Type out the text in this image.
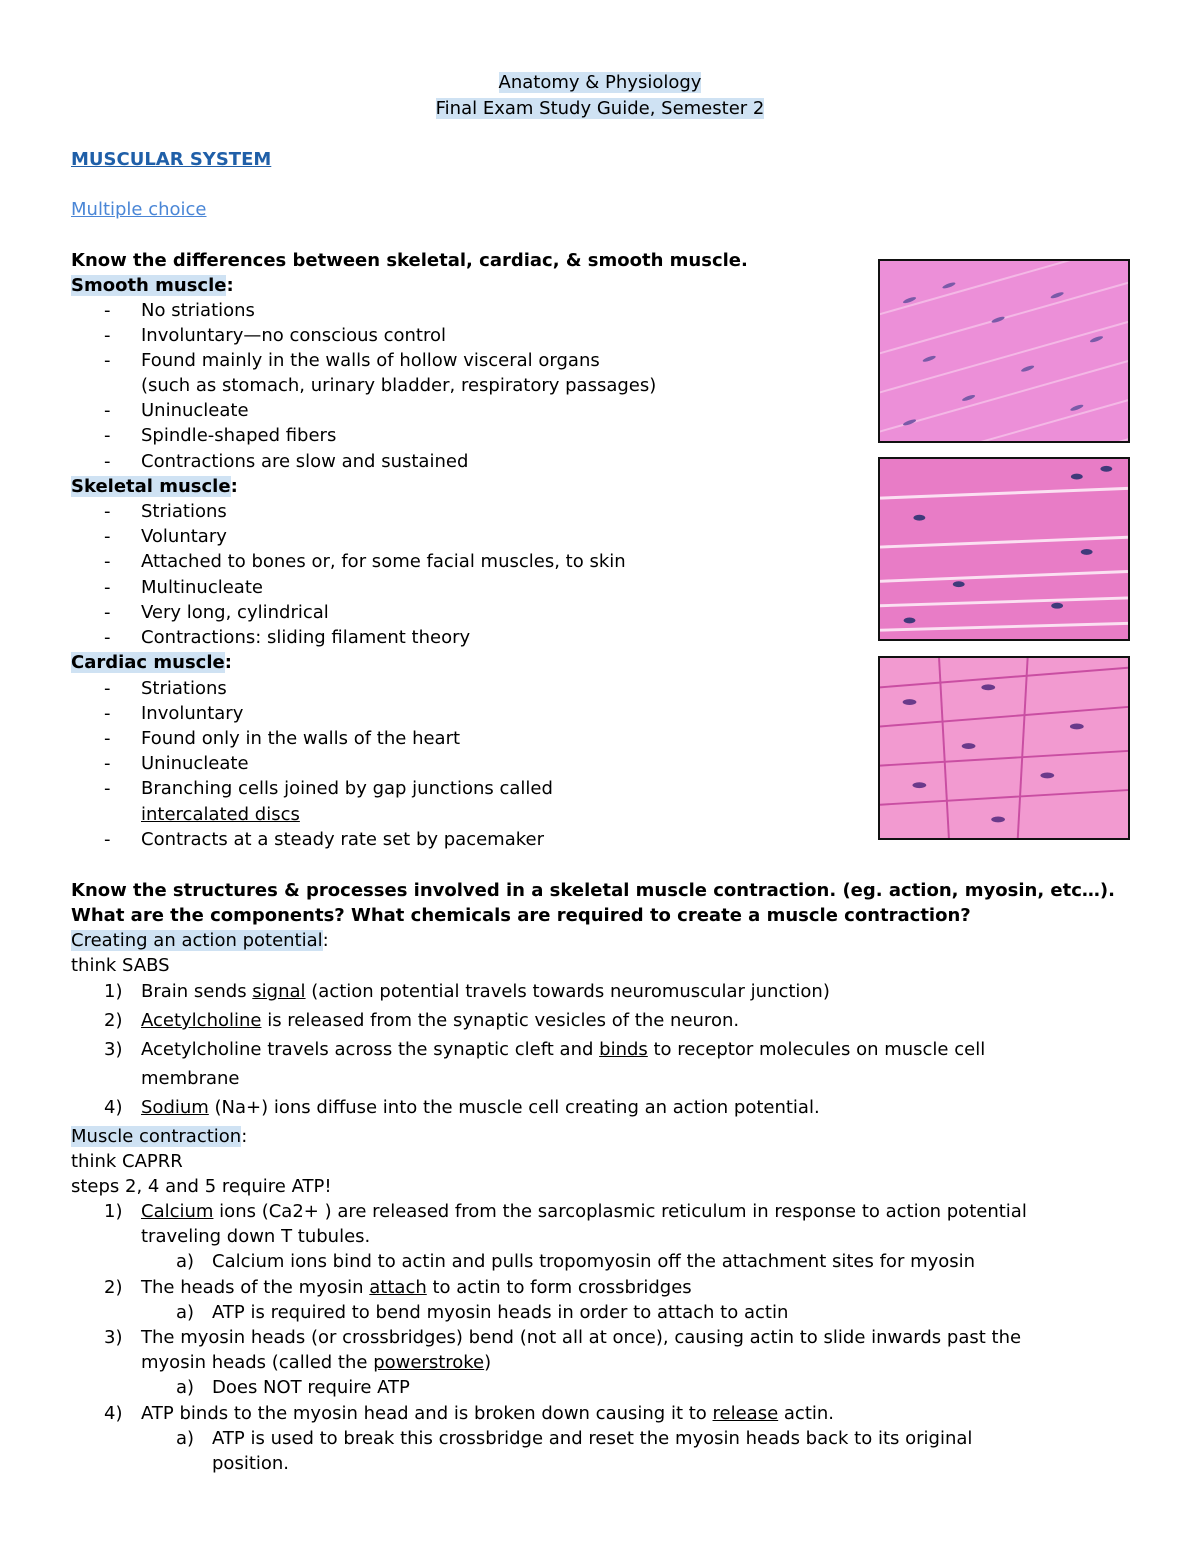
Anatomy & Physiology
Final Exam Study Guide, Semester 2
MUSCULAR SYSTEM
Multiple choice
Know the differences between skeletal, cardiac, & smooth muscle.
Smooth muscle:
- No striations
- Involuntary—no conscious control
- Found mainly in the walls of hollow visceral organs
(such as stomach, urinary bladder, respiratory passages)
- Uninucleate
- Spindle-shaped fibers
- Contractions are slow and sustained
Skeletal muscle:
- Striations
- Voluntary
- Attached to bones or, for some facial muscles, to skin
- Multinucleate
- Very long, cylindrical
- Contractions: sliding filament theory
Cardiac muscle:
- Striations
- Involuntary
- Found only in the walls of the heart
- Uninucleate
- Branching cells joined by gap junctions called
intercalated discs
- Contracts at a steady rate set by pacemaker
Know the structures & processes involved in a skeletal muscle contraction. (eg. action, myosin, etc…).
What are the components? What chemicals are required to create a muscle contraction?
Creating an action potential:
think SABS
1) Brain sends signal (action potential travels towards neuromuscular junction)
2) Acetylcholine is released from the synaptic vesicles of the neuron.
3) Acetylcholine travels across the synaptic cleft and binds to receptor molecules on muscle cell
membrane
4) Sodium (Na+) ions diffuse into the muscle cell creating an action potential.
Muscle contraction:
think CAPRR
steps 2, 4 and 5 require ATP!
1) Calcium ions (Ca2+ ) are released from the sarcoplasmic reticulum in response to action potential
traveling down T tubules.
a) Calcium ions bind to actin and pulls tropomyosin off the attachment sites for myosin
2) The heads of the myosin attach to actin to form crossbridges
a) ATP is required to bend myosin heads in order to attach to actin
3) The myosin heads (or crossbridges) bend (not all at once), causing actin to slide inwards past the
myosin heads (called the powerstroke)
a) Does NOT require ATP
4) ATP binds to the myosin head and is broken down causing it to release actin.
a) ATP is used to break this crossbridge and reset the myosin heads back to its original
position.
